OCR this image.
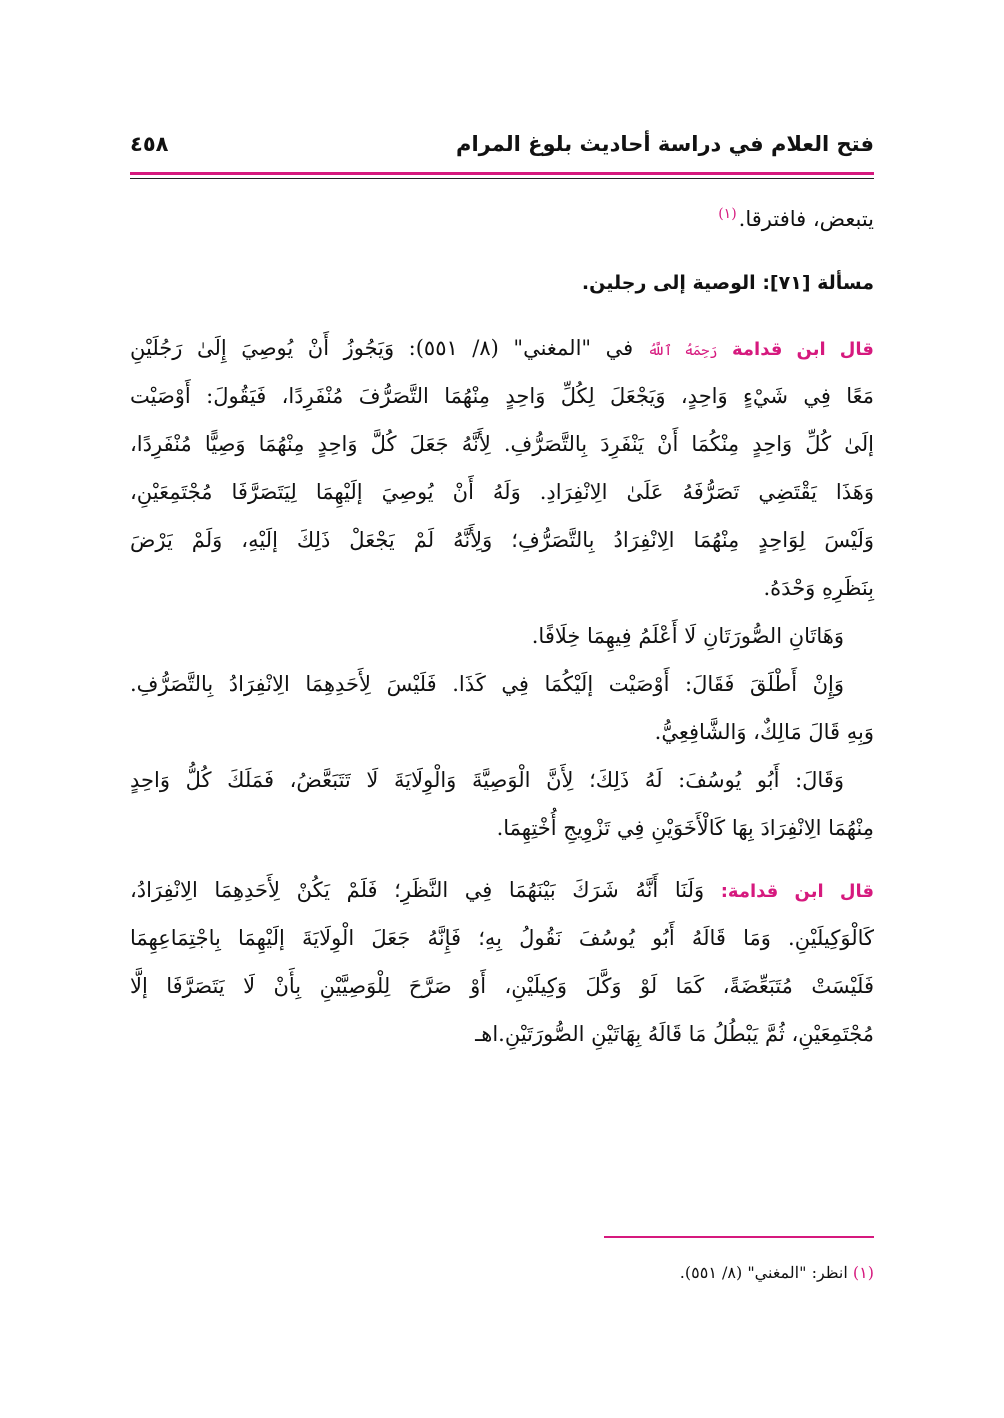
فتح العلام في دراسة أحاديث بلوغ المرام
٤٥٨
يتبعض، فافترقا.$^{(١)}$
مسألة [٧١]: الوصية إلى رجلين.
قال ابن قدامة رَحِمَهُ ٱللَّهُ في "المغني" (٨/ ٥٥١): وَيَجُوزُ أَنْ يُوصِيَ إِلَىٰ رَجُلَيْنِ
مَعًا فِي شَيْءٍ وَاحِدٍ، وَيَجْعَلَ لِكُلِّ وَاحِدٍ مِنْهُمَا التَّصَرُّفَ مُنْفَرِدًا، فَيَقُولَ: أَوْصَيْت
إلَىٰ كُلِّ وَاحِدٍ مِنْكُمَا أَنْ يَنْفَرِدَ بِالتَّصَرُّفِ. لِأَنَّهُ جَعَلَ كُلَّ وَاحِدٍ مِنْهُمَا وَصِيًّا مُنْفَرِدًا،
وَهَذَا يَقْتَضِي تَصَرُّفَهُ عَلَىٰ الِانْفِرَادِ. وَلَهُ أَنْ يُوصِيَ إلَيْهِمَا لِيَتَصَرَّفَا مُجْتَمِعَيْنِ،
وَلَيْسَ لِوَاحِدٍ مِنْهُمَا الِانْفِرَادُ بِالتَّصَرُّفِ؛ وَلِأَنَّهُ لَمْ يَجْعَلْ ذَلِكَ إلَيْهِ، وَلَمْ يَرْضَ
بِنَظَرِهِ وَحْدَهُ.
وَهَاتَانِ الصُّورَتَانِ لَا أَعْلَمُ فِيهِمَا خِلَافًا.
وَإِنْ أَطْلَقَ فَقَالَ: أَوْصَيْت إلَيْكُمَا فِي كَذَا. فَلَيْسَ لِأَحَدِهِمَا الِانْفِرَادُ بِالتَّصَرُّفِ.
وَبِهِ قَالَ مَالِكٌ، وَالشَّافِعِيُّ.
وَقَالَ: أَبُو يُوسُفَ: لَهُ ذَلِكَ؛ لِأَنَّ الْوَصِيَّةَ وَالْوِلَايَةَ لَا تَتَبَعَّضُ، فَمَلَكَ كُلُّ وَاحِدٍ
مِنْهُمَا الِانْفِرَادَ بِهَا كَالْأَخَوَيْنِ فِي تَزْوِيجِ أُخْتِهِمَا.
قال ابن قدامة: وَلَنَا أَنَّهُ شَرَكَ بَيْنَهُمَا فِي النَّظَرِ؛ فَلَمْ يَكُنْ لِأَحَدِهِمَا الِانْفِرَادُ،
كَالْوَكِيلَيْنِ. وَمَا قَالَهُ أَبُو يُوسُفَ نَقُولُ بِهِ؛ فَإِنَّهُ جَعَلَ الْوِلَايَةَ إلَيْهِمَا بِاجْتِمَاعِهِمَا
فَلَيْسَتْ مُتَبَعِّضَةً، كَمَا لَوْ وَكَّلَ وَكِيلَيْنِ، أَوْ صَرَّحَ لِلْوَصِيَّيْنِ بِأَنْ لَا يَتَصَرَّفَا إلَّا
مُجْتَمِعَيْنِ، ثُمَّ يَبْطُلُ مَا قَالَهُ بِهَاتَيْنِ الصُّورَتَيْنِ.اهـ
(١) انظر: "المغني" (٨/ ٥٥١).
